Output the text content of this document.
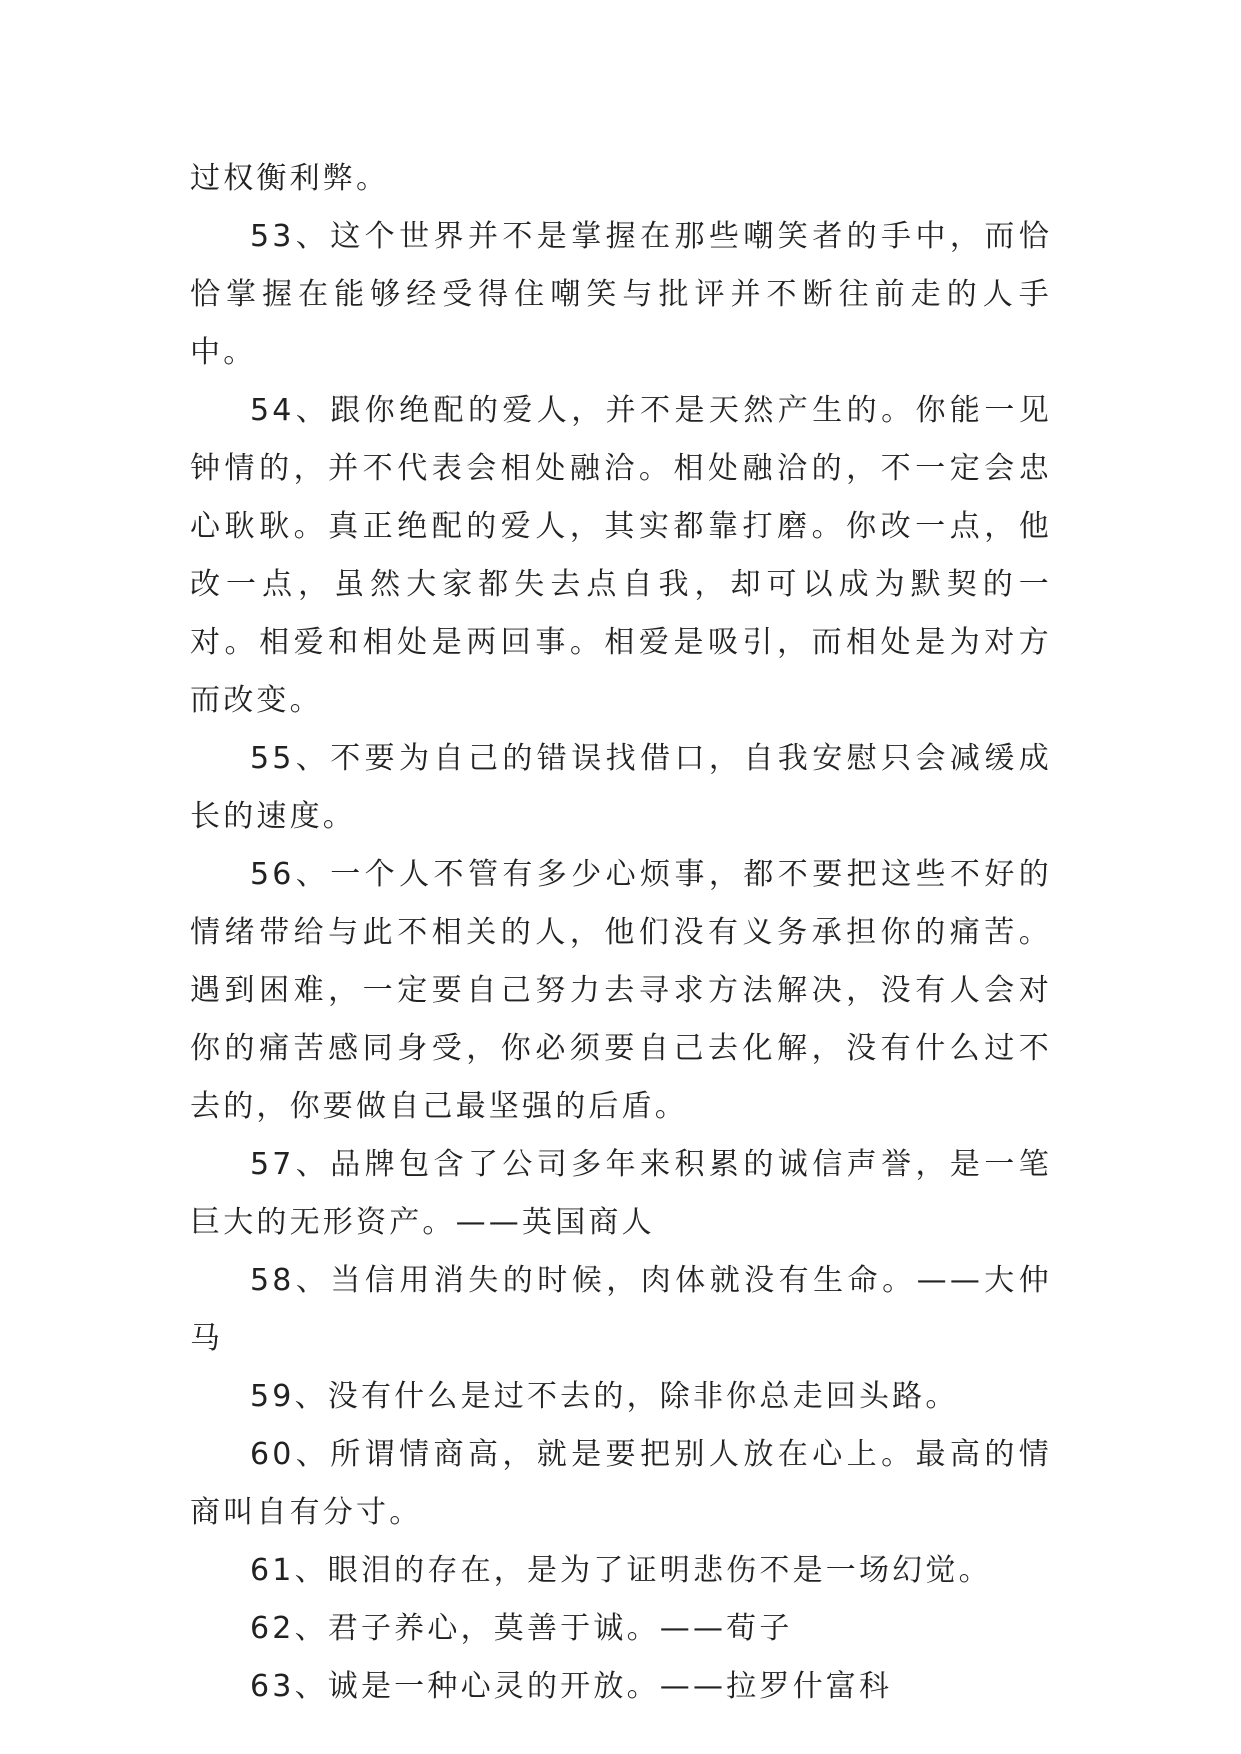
过权衡利弊。

53、这个世界并不是掌握在那些嘲笑者的手中，而恰恰掌握在能够经受得住嘲笑与批评并不断往前走的人手中。

54、跟你绝配的爱人，并不是天然产生的。你能一见钟情的，并不代表会相处融洽。相处融洽的，不一定会忠心耿耿。真正绝配的爱人，其实都靠打磨。你改一点，他改一点，虽然大家都失去点自我，却可以成为默契的一对。相爱和相处是两回事。相爱是吸引，而相处是为对方而改变。

55、不要为自己的错误找借口，自我安慰只会减缓成长的速度。

56、一个人不管有多少心烦事，都不要把这些不好的情绪带给与此不相关的人，他们没有义务承担你的痛苦。遇到困难，一定要自己努力去寻求方法解决，没有人会对你的痛苦感同身受，你必须要自己去化解，没有什么过不去的，你要做自己最坚强的后盾。

57、品牌包含了公司多年来积累的诚信声誉，是一笔巨大的无形资产。——英国商人

58、当信用消失的时候，肉体就没有生命。——大仲马

59、没有什么是过不去的，除非你总走回头路。

60、所谓情商高，就是要把别人放在心上。最高的情商叫自有分寸。

61、眼泪的存在，是为了证明悲伤不是一场幻觉。

62、君子养心，莫善于诚。——荀子

63、诚是一种心灵的开放。——拉罗什富科
